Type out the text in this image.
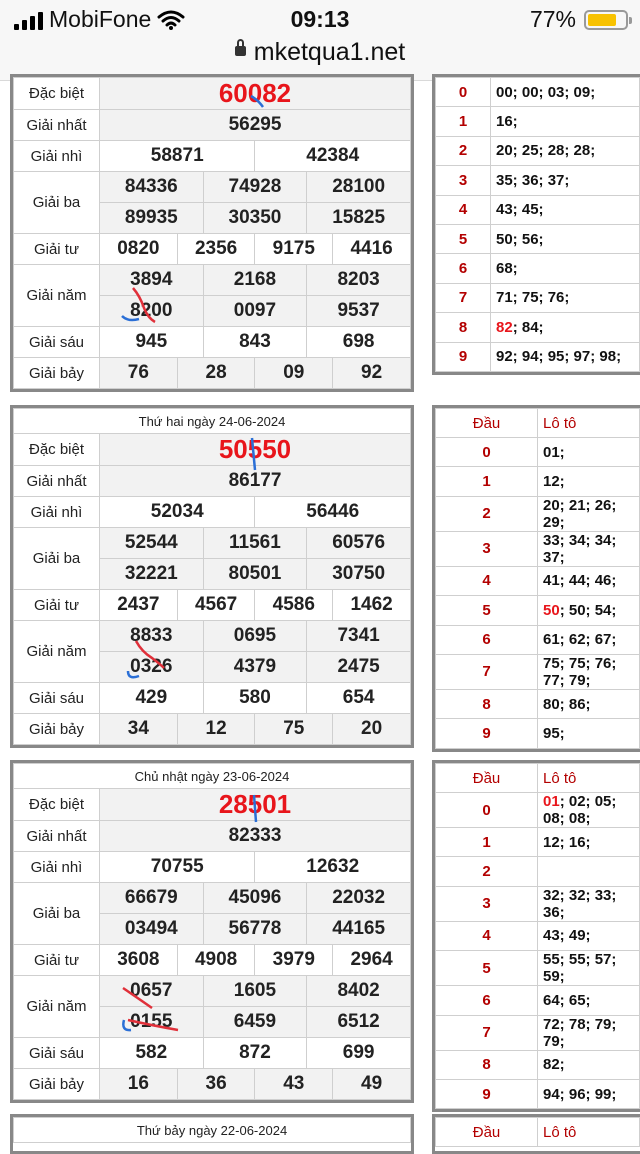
MobiFone	09:13	77%
mketqua1.net

Đặc biệt	60082											
Giải nhất	56295											
Giải nhì	58871						42384					
Giải ba	84336				74928				28100			
	89935				30350				15825			
Giải tư	0820			2356			9175			4416		
Giải năm	3894				2168				8203			
	8200				0097				9537			
Giải sáu	945				843				698			
Giải bảy	76			28			09			92		

Thứ hai ngày 24-06-2024												
Đặc biệt	50550											
Giải nhất	86177											
Giải nhì	52034						56446					
Giải ba	52544				11561				60576			
	32221				80501				30750			
Giải tư	2437			4567			4586			1462		
Giải năm	8833				0695				7341			
	0326				4379				2475			
Giải sáu	429				580				654			
Giải bảy	34			12			75			20		

Chủ nhật ngày 23-06-2024												
Đặc biệt	28501											
Giải nhất	82333											
Giải nhì	70755						12632					
Giải ba	66679				45096				22032			
	03494				56778				44165			
Giải tư	3608			4908			3979			2964		
Giải năm	0657				1605				8402			
	0155				6459				6512			
Giải sáu	582				872				699			
Giải bảy	16			36			43			49		
Thứ bảy ngày 22-06-2024
0	00; 00; 03; 09;
1	16;
2	20; 25; 28; 28;
3	35; 36; 37;
4	43; 45;
5	50; 56;
6	68;
7	71; 75; 76;
8	82; 84;
9	92; 94; 95; 97; 98;
Đầu	Lô tô
0	01;
1	12;
2	20; 21; 26; 29;
3	33; 34; 34; 37;
4	41; 44; 46;
5	50; 50; 54;
6	61; 62; 67;
7	75; 75; 76; 77; 79;
8	80; 86;
9	95;
Đầu	Lô tô
0	01; 02; 05; 08; 08;
1	12; 16;
2	
3	32; 32; 33; 36;
4	43; 49;
5	55; 55; 57; 59;
6	64; 65;
7	72; 78; 79; 79;
8	82;
9	94; 96; 99;
Đầu	Lô tô
